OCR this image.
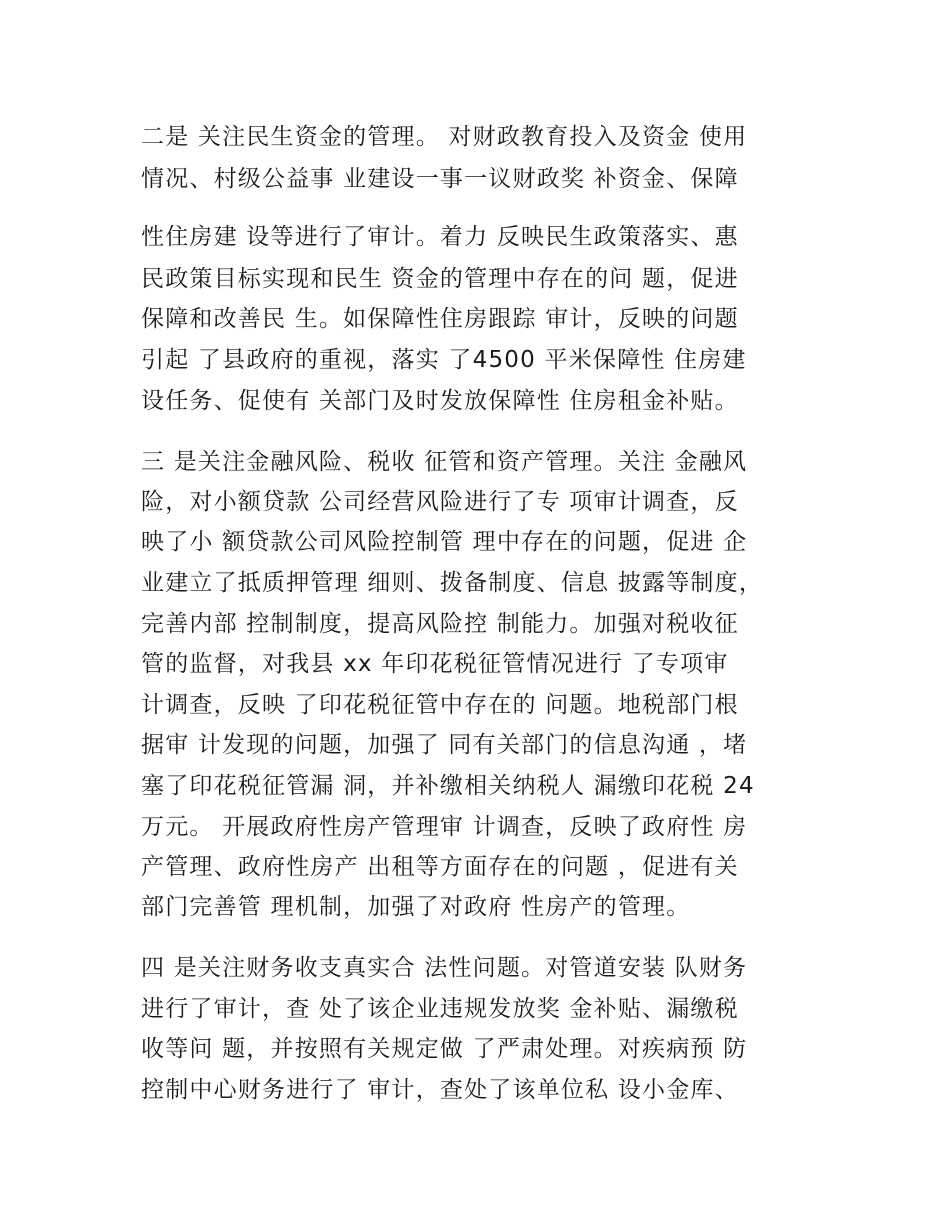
二是 关注民生资金的管理。 对财政教育投入及资金 使用
情况、村级公益事 业建设一事一议财政奖 补资金、保障
性住房建 设等进行了审计。着力 反映民生政策落实、惠
民政策目标实现和民生 资金的管理中存在的问 题，促进
保障和改善民 生。如保障性住房跟踪 审计，反映的问题
引起 了县政府的重视，落实 了4500 平米保障性 住房建
设任务、促使有 关部门及时发放保障性 住房租金补贴。
三 是关注金融风险、税收 征管和资产管理。关注 金融风
险，对小额贷款 公司经营风险进行了专 项审计调查，反
映了小 额贷款公司风险控制管 理中存在的问题，促进 企
业建立了抵质押管理 细则、拨备制度、信息 披露等制度，
完善内部 控制制度，提高风险控 制能力。加强对税收征
管的监督，对我县 xx 年印花税征管情况进行 了专项审
计调查，反映 了印花税征管中存在的 问题。地税部门根
据审 计发现的问题，加强了 同有关部门的信息沟通 ，堵
塞了印花税征管漏 洞，并补缴相关纳税人 漏缴印花税 24
万元。 开展政府性房产管理审 计调查，反映了政府性 房
产管理、政府性房产 出租等方面存在的问题 ，促进有关
部门完善管 理机制，加强了对政府 性房产的管理。
四 是关注财务收支真实合 法性问题。对管道安装 队财务
进行了审计，查 处了该企业违规发放奖 金补贴、漏缴税
收等问 题，并按照有关规定做 了严肃处理。对疾病预 防
控制中心财务进行了 审计，查处了该单位私 设小金库、
